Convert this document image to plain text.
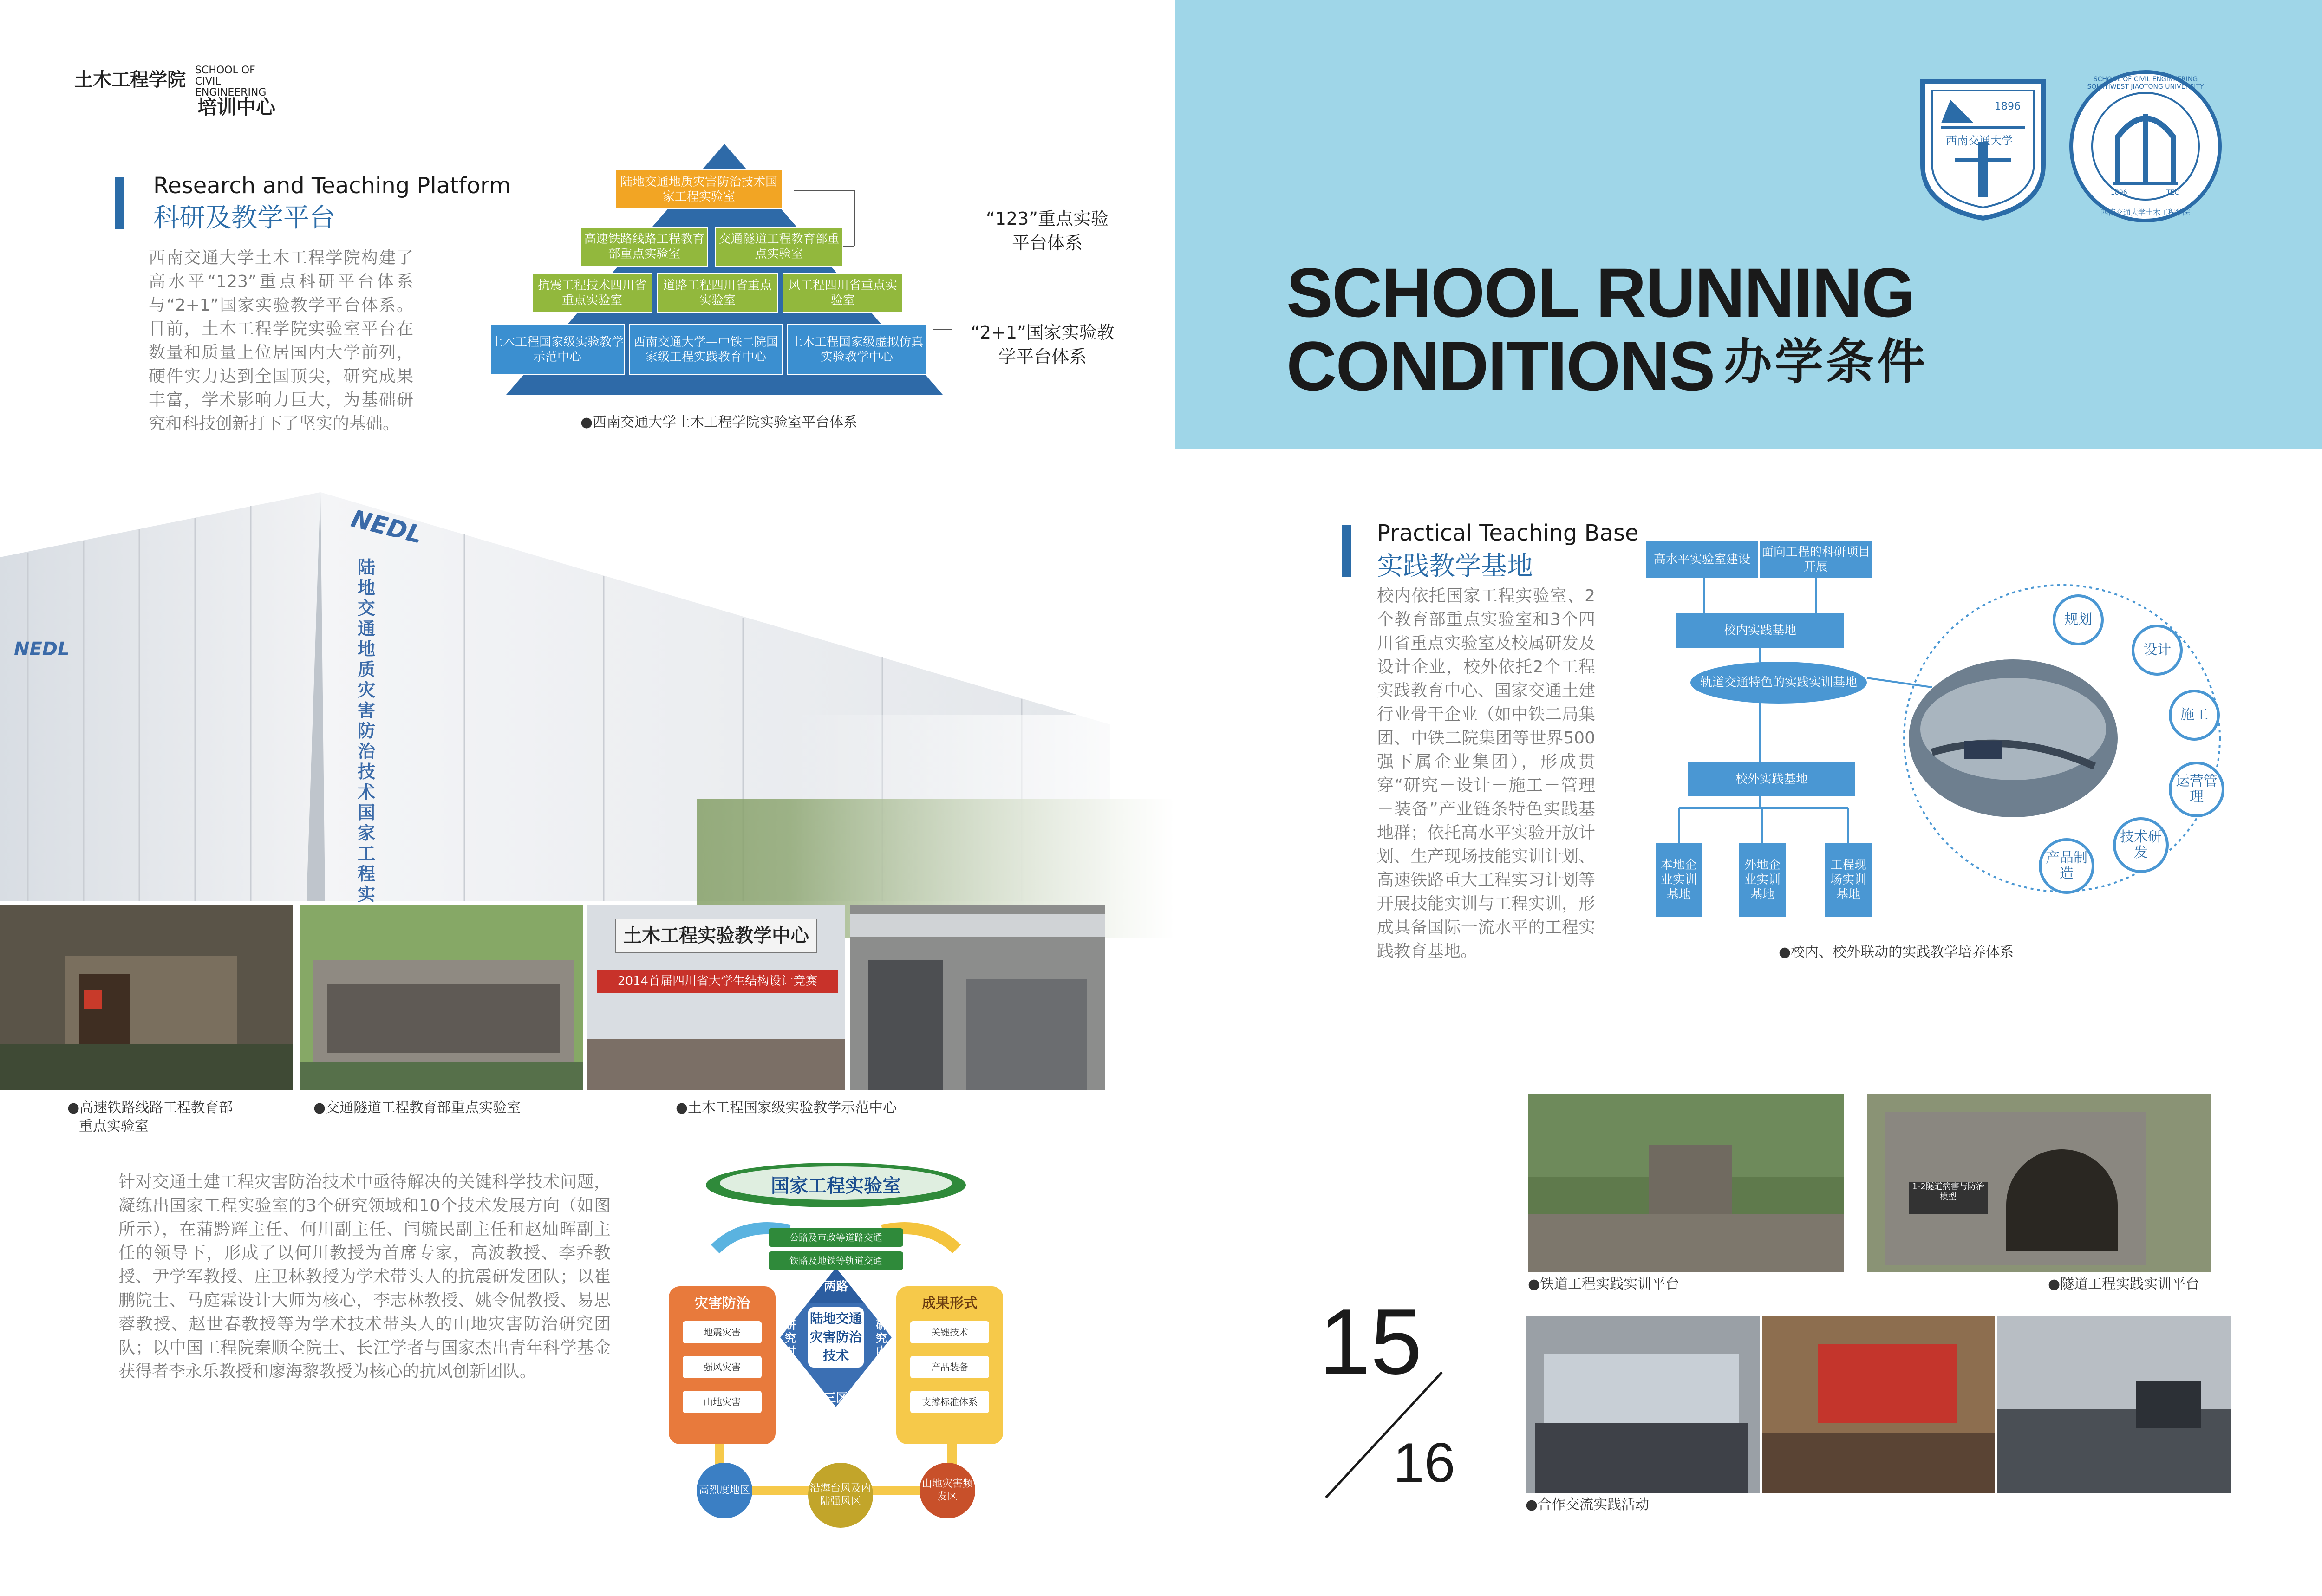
土木工程学院 SCHOOL OF
CIVIL ENGINEERING
培训中心
Research and Teaching Platform
科研及教学平台
西南交通大学土木工程学院构建了高水平“123”重点科研平台体系与“2+1”国家实验教学平台体系。目前，土木工程学院实验室平台在数量和质量上位居国内大学前列，硬件实力达到全国顶尖，研究成果丰富，学术影响力巨大，为基础研究和科技创新打下了坚实的基础。
陆地交通地质灾害防治技术国家工程实验室
高速铁路线路工程教育部重点实验室
交通隧道工程教育部重点实验室
抗震工程技术四川省重点实验室
道路工程四川省重点实验室
风工程四川省重点实验室
土木工程国家级实验教学示范中心
西南交通大学—中铁二院国家级工程实践教育中心
土木工程国家级虚拟仿真实验教学中心
“123”重点实验平台体系
“2+1”国家实验教学平台体系
●西南交通大学土木工程学院实验室平台体系
NEDL
NEDL
陆地交通地质灾害防治技术国家工程实
土木工程实验教学中心
2014首届四川省大学生结构设计竞赛
●高速铁路线路工程教育部
重点实验室
●交通隧道工程教育部重点实验室	●土木工程国家级实验教学示范中心
针对交通土建工程灾害防治技术中亟待解决的关键科学技术问题，凝练出国家工程实验室的3个研究领域和10个技术发展方向（如图所示），在蒲黔辉主任、何川副主任、闫毓民副主任和赵灿晖副主任的领导下，形成了以何川教授为首席专家，高波教授、李乔教授、尹学军教授、庄卫林教授为学术带头人的抗震研发团队；以崔鹏院士、马庭霖设计大师为核心，李志林教授、姚令侃教授、易思蓉教授、赵世春教授等为学术技术带头人的山地灾害防治研究团队；以中国工程院秦顺全院士、长江学者与国家杰出青年科学基金获得者李永乐教授和廖海黎教授为核心的抗风创新团队。
国家工程实验室
公路及市政等道路交通
铁路及地铁等轨道交通
灾害防治
地震灾害
强风灾害
山地灾害
成果形式
关键技术
产品装备
支撑标准体系
两路
三区
研究对象
研究内容
陆地交通灾害防治技术
高烈度地区	沿海台风及内陆强风区
山地灾害频发区
1896
西南交通大学
SCHOOL OF CIVIL ENGINEERING SOUTHWEST JIAOTONG UNIVERSITY
西南交通大学土木工程学院
1896	TEC
SCHOOL RUNNING
CONDITIONS 办学条件
Practical Teaching Base
实践教学基地
校内依托国家工程实验室、2个教育部重点实验室和3个四川省重点实验室及校属研发及设计企业，校外依托2个工程实践教育中心、国家交通土建行业骨干企业（如中铁二局集团、中铁二院集团等世界500强下属企业集团），形成贯穿“研究－设计－施工－管理－装备”产业链条特色实践基地群；依托高水平实验开放计划、生产现场技能实训计划、高速铁路重大工程实习计划等开展技能实训与工程实训，形成具备国际一流水平的工程实践教育基地。
高水平实验室建设
面向工程的科研项目开展
校内实践基地
轨道交通特色的实践实训基地
校外实践基地
本地企业实训基地
外地企业实训基地
工程现场实训基地
规划
设计
施工
运营管理
技术研发
产品制造
●校内、校外联动的实践教学培养体系
1-2隧道病害与防治模型
●铁道工程实践实训平台	●隧道工程实践实训平台
●合作交流实践活动
15
16
